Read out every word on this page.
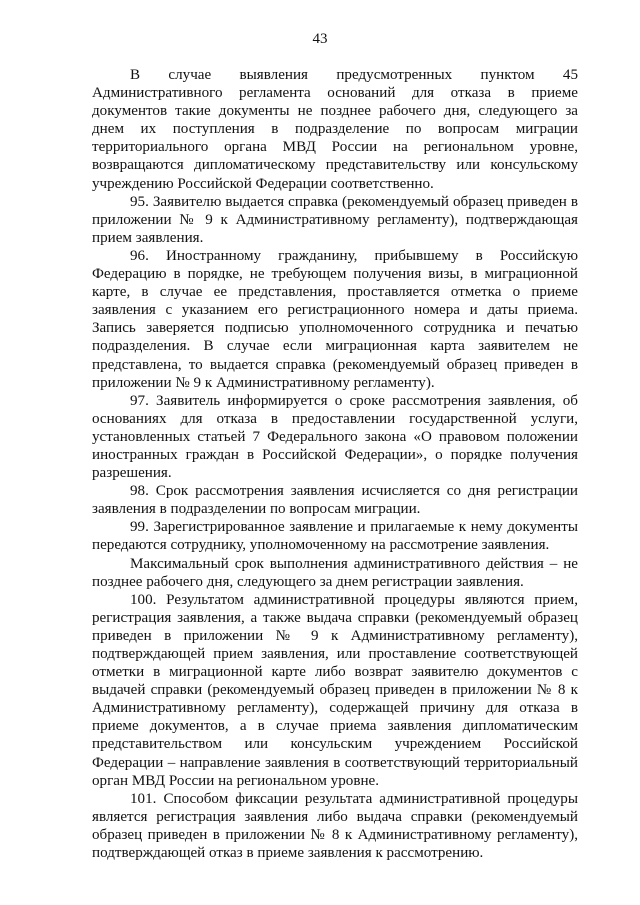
43

В случае выявления предусмотренных пунктом 45 Административного регламента оснований для отказа в приеме документов такие документы не позднее рабочего дня, следующего за днем их поступления в подразделение по вопросам миграции территориального органа МВД России на региональном уровне, возвращаются дипломатическому представительству или консульскому учреждению Российской Федерации соответственно.

95. Заявителю выдается справка (рекомендуемый образец приведен в приложении № 9 к Административному регламенту), подтверждающая прием заявления.

96. Иностранному гражданину, прибывшему в Российскую Федерацию в порядке, не требующем получения визы, в миграционной карте, в случае ее представления, проставляется отметка о приеме заявления с указанием его регистрационного номера и даты приема. Запись заверяется подписью уполномоченного сотрудника и печатью подразделения. В случае если миграционная карта заявителем не представлена, то выдается справка (рекомендуемый образец приведен в приложении № 9 к Административному регламенту).

97. Заявитель информируется о сроке рассмотрения заявления, об основаниях для отказа в предоставлении государственной услуги, установленных статьей 7 Федерального закона «О правовом положении иностранных граждан в Российской Федерации», о порядке получения разрешения.

98. Срок рассмотрения заявления исчисляется со дня регистрации заявления в подразделении по вопросам миграции.

99. Зарегистрированное заявление и прилагаемые к нему документы передаются сотруднику, уполномоченному на рассмотрение заявления.

Максимальный срок выполнения административного действия – не позднее рабочего дня, следующего за днем регистрации заявления.

100. Результатом административной процедуры являются прием, регистрация заявления, а также выдача справки (рекомендуемый образец приведен в приложении № 9 к Административному регламенту), подтверждающей прием заявления, или проставление соответствующей отметки в миграционной карте либо возврат заявителю документов с выдачей справки (рекомендуемый образец приведен в приложении № 8 к Административному регламенту), содержащей причину для отказа в приеме документов, а в случае приема заявления дипломатическим представительством или консульским учреждением Российской Федерации – направление заявления в соответствующий территориальный орган МВД России на региональном уровне.

101. Способом фиксации результата административной процедуры является регистрация заявления либо выдача справки (рекомендуемый образец приведен в приложении № 8 к Административному регламенту), подтверждающей отказ в приеме заявления к рассмотрению.
